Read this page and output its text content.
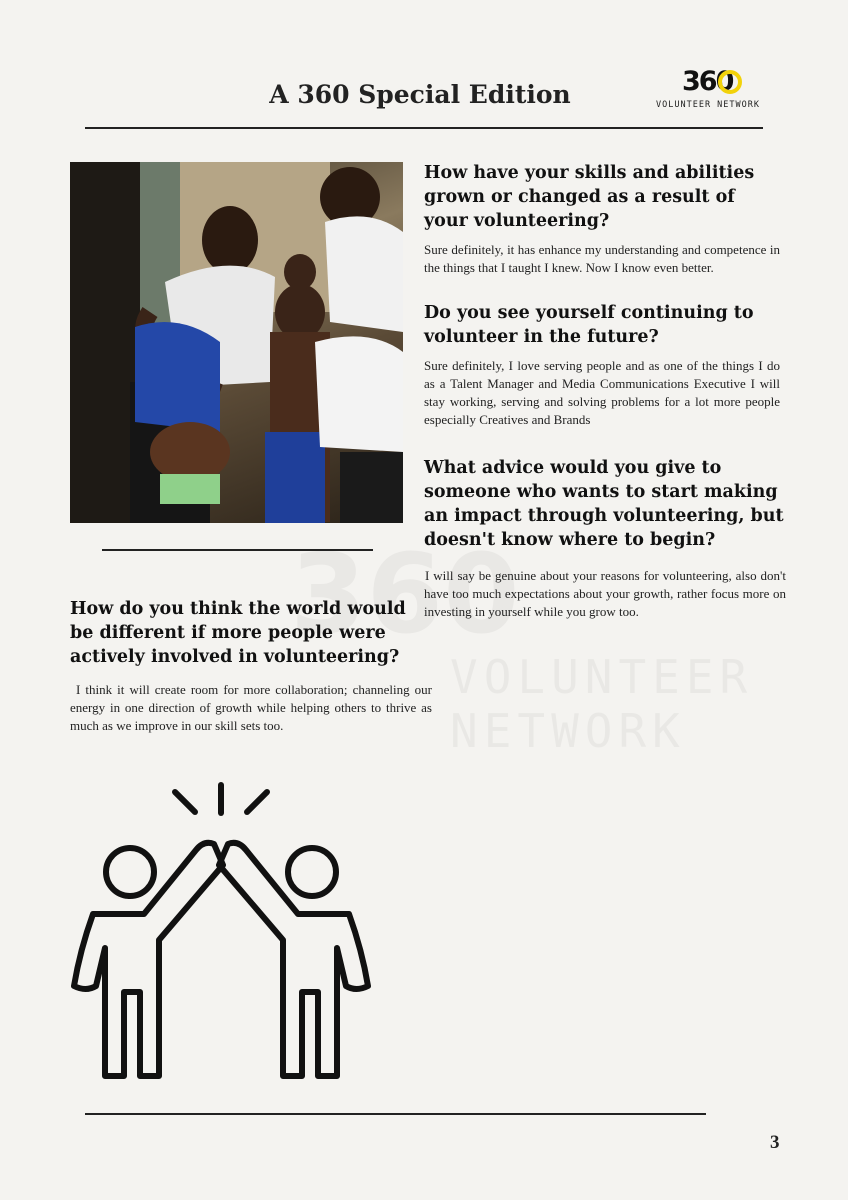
A 360 Special Edition	360
VOLUNTEER NETWORK

How have your skills and abilities grown or changed as a result of your volunteering?

Sure definitely, it has enhance my understanding and competence in the things that I taught I knew. Now I know even better.

Do you see yourself continuing to volunteer in the future?

Sure definitely, I love serving people and as one of the things I do as a Talent Manager and Media Communications Executive I will stay working, serving and solving problems for a lot more people especially Creatives and Brands

What advice would you give to someone who wants to start making an impact through volunteering, but doesn't know where to begin?

I will say be genuine about your reasons for volunteering, also don't have too much expectations about your growth, rather focus more on investing in yourself while you grow too.

How do you think the world would be different if more people were actively involved in volunteering?

I think it will create room for more collaboration; channeling our energy in one direction of growth while helping others to thrive as much as we improve in our skill sets too.

3
